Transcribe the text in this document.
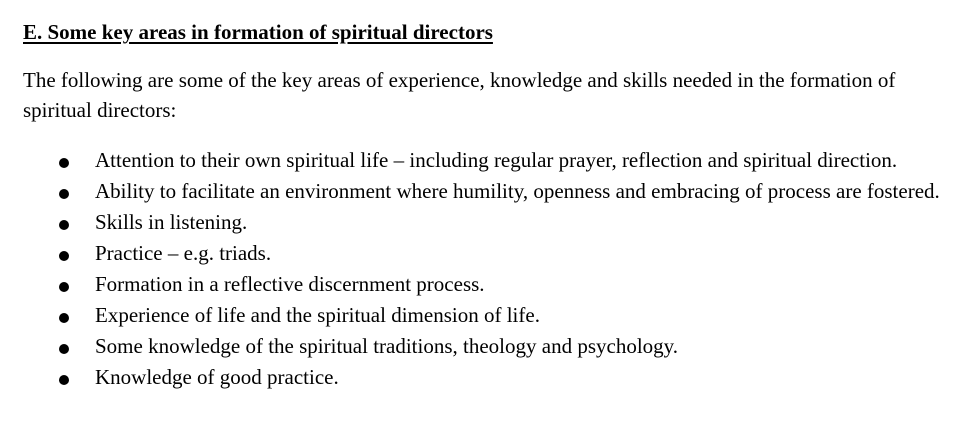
E. Some key areas in formation of spiritual directors

The following are some of the key areas of experience, knowledge and skills needed in the formation of spiritual directors:

Attention to their own spiritual life – including regular prayer, reflection and spiritual direction.
Ability to facilitate an environment where humility, openness and embracing of process are fostered.
Skills in listening.
Practice – e.g. triads.
Formation in a reflective discernment process.
Experience of life and the spiritual dimension of life.
Some knowledge of the spiritual traditions, theology and psychology.
Knowledge of good practice.
